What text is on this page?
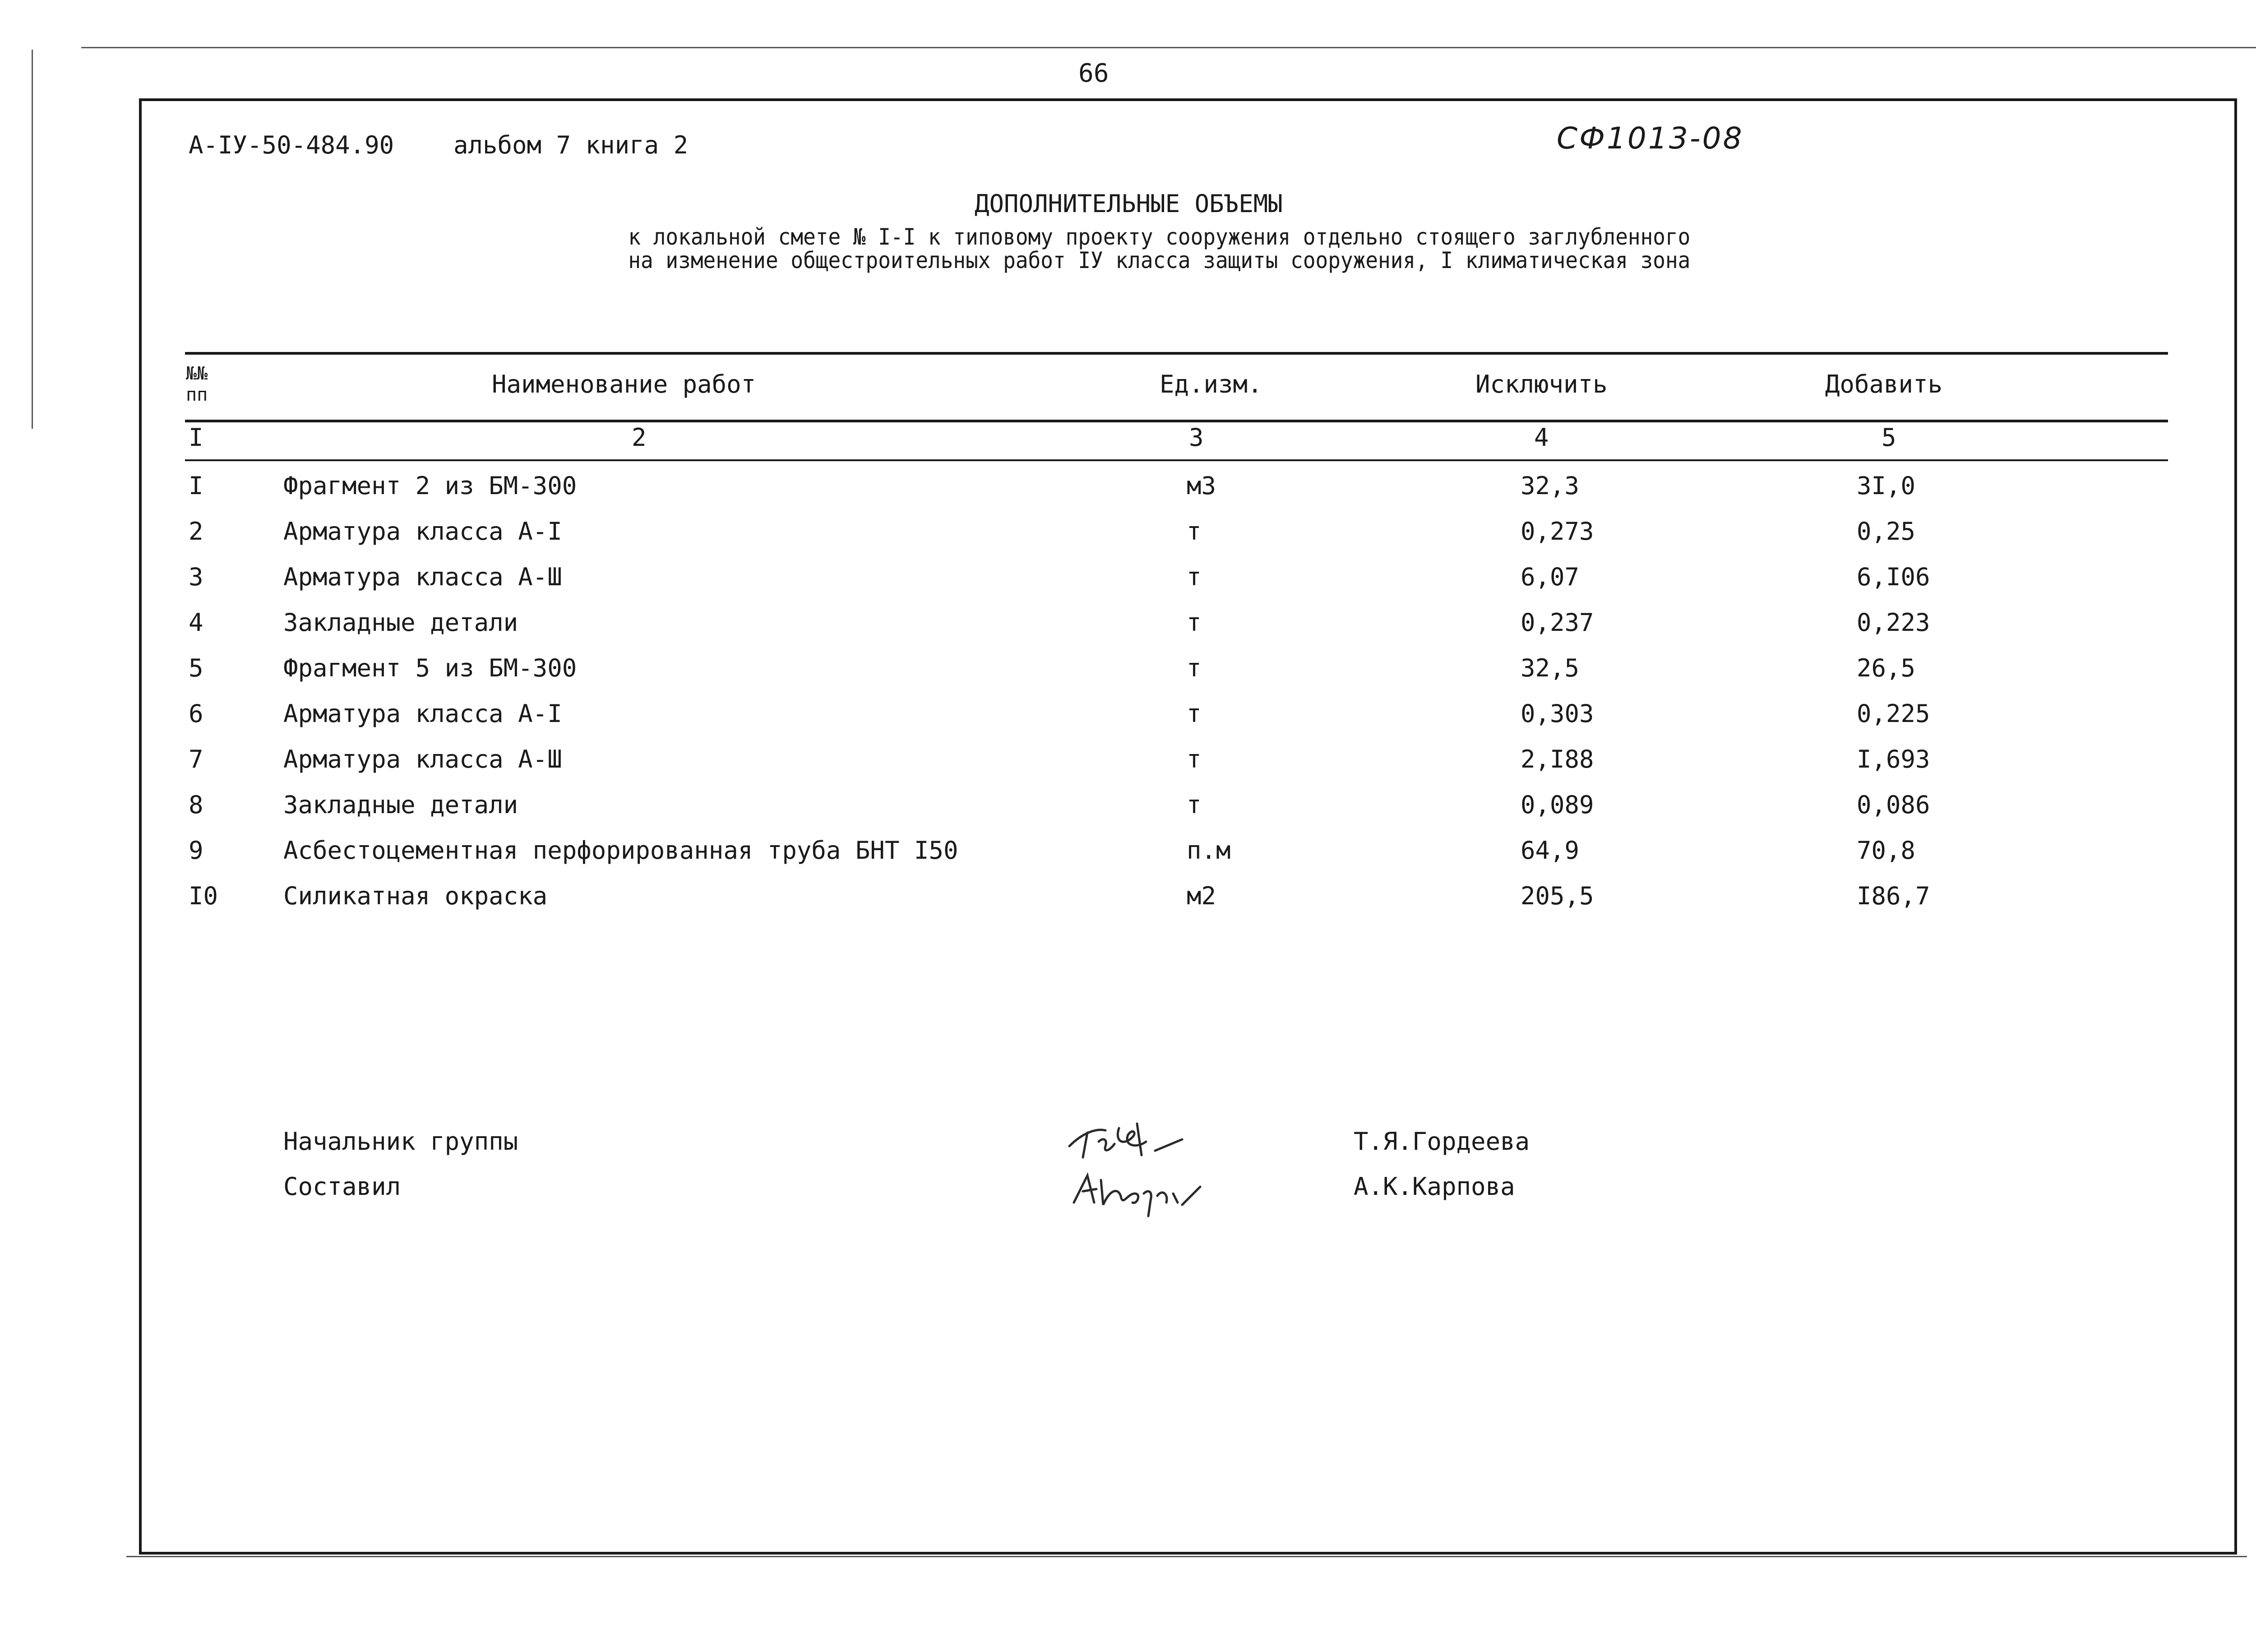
66
А-IУ-50-484.90 альбом 7 книга 2	СФ1013-08
ДОПОЛНИТЕЛЬНЫЕ ОБЪЕМЫ
к локальной смете № I-I к типовому проекту сооружения отдельно стоящего заглубленного
на изменение общестроительных работ IУ класса защиты сооружения, I климатическая зона
№№
пп	Наименование работ	Ед.изм.	Исключить	Добавить
I	2	3	4	5
I	Фрагмент 2 из БМ-300	м3	32,3	3I,0
2	Арматура класса А-I	т	0,273	0,25
3	Арматура класса А-Ш	т	6,07	6,I06
4	Закладные детали	т	0,237	0,223
5	Фрагмент 5 из БМ-300	т	32,5	26,5
6	Арматура класса А-I	т	0,303	0,225
7	Арматура класса А-Ш	т	2,I88	I,693
8	Закладные детали	т	0,089	0,086
9	Асбестоцементная перфорированная труба БНТ I50	п.м	64,9	70,8
I0	Силикатная окраска	м2	205,5	I86,7
Начальник группы	Т.Я.Гордеева
Составил	А.К.Карпова
